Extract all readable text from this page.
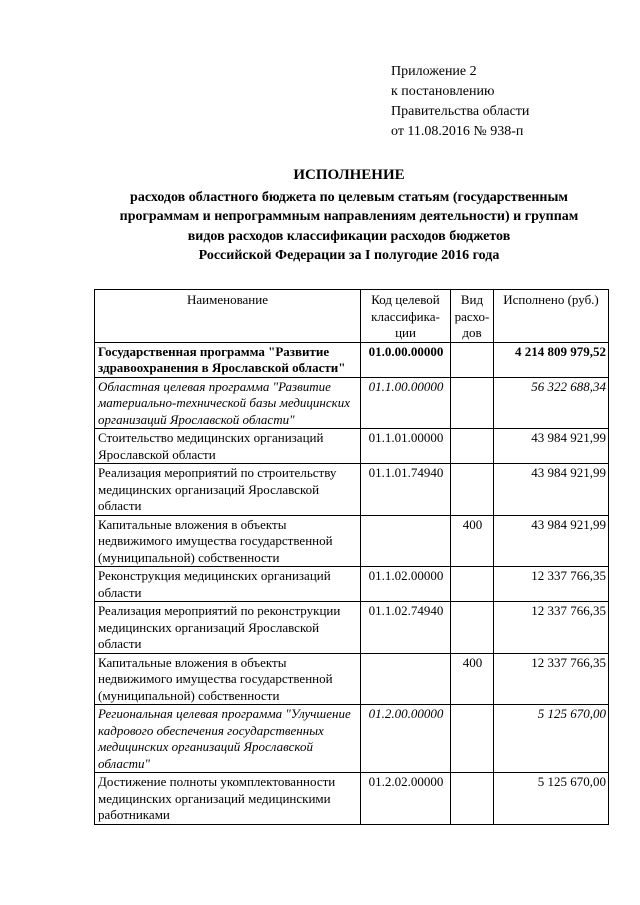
Приложение 2
к постановлению
Правительства области
от 11.08.2016 № 938-п
ИСПОЛНЕНИЕ
расходов областного бюджета по целевым статьям (государственным
программам и непрограммным направлениям деятельности) и группам
видов расходов классификации расходов бюджетов
Российской Федерации за I полугодие 2016 года
Наименование	Код целевой классифика-ции	Вид расхо-дов	Исполнено (руб.)
Государственная программа "Развитие здравоохранения в Ярославской области"	01.0.00.00000		4 214 809 979,52
Областная целевая программа "Развитие материально-технической базы медицинских организаций Ярославской области"	01.1.00.00000		56 322 688,34
Стоительство медицинских организаций Ярославской области	01.1.01.00000		43 984 921,99
Реализация мероприятий по строительству медицинских организаций Ярославской области	01.1.01.74940		43 984 921,99
Капитальные вложения в объекты недвижимого имущества государственной (муниципальной) собственности		400	43 984 921,99
Реконструкция медицинских организаций области	01.1.02.00000		12 337 766,35
Реализация мероприятий по реконструкции медицинских организаций Ярославской области	01.1.02.74940		12 337 766,35
Капитальные вложения в объекты недвижимого имущества государственной (муниципальной) собственности		400	12 337 766,35
Региональная целевая программа "Улучшение кадрового обеспечения государственных медицинских организаций Ярославской области"	01.2.00.00000		5 125 670,00
Достижение полноты укомплектованности медицинских организаций медицинскими работниками	01.2.02.00000		5 125 670,00
